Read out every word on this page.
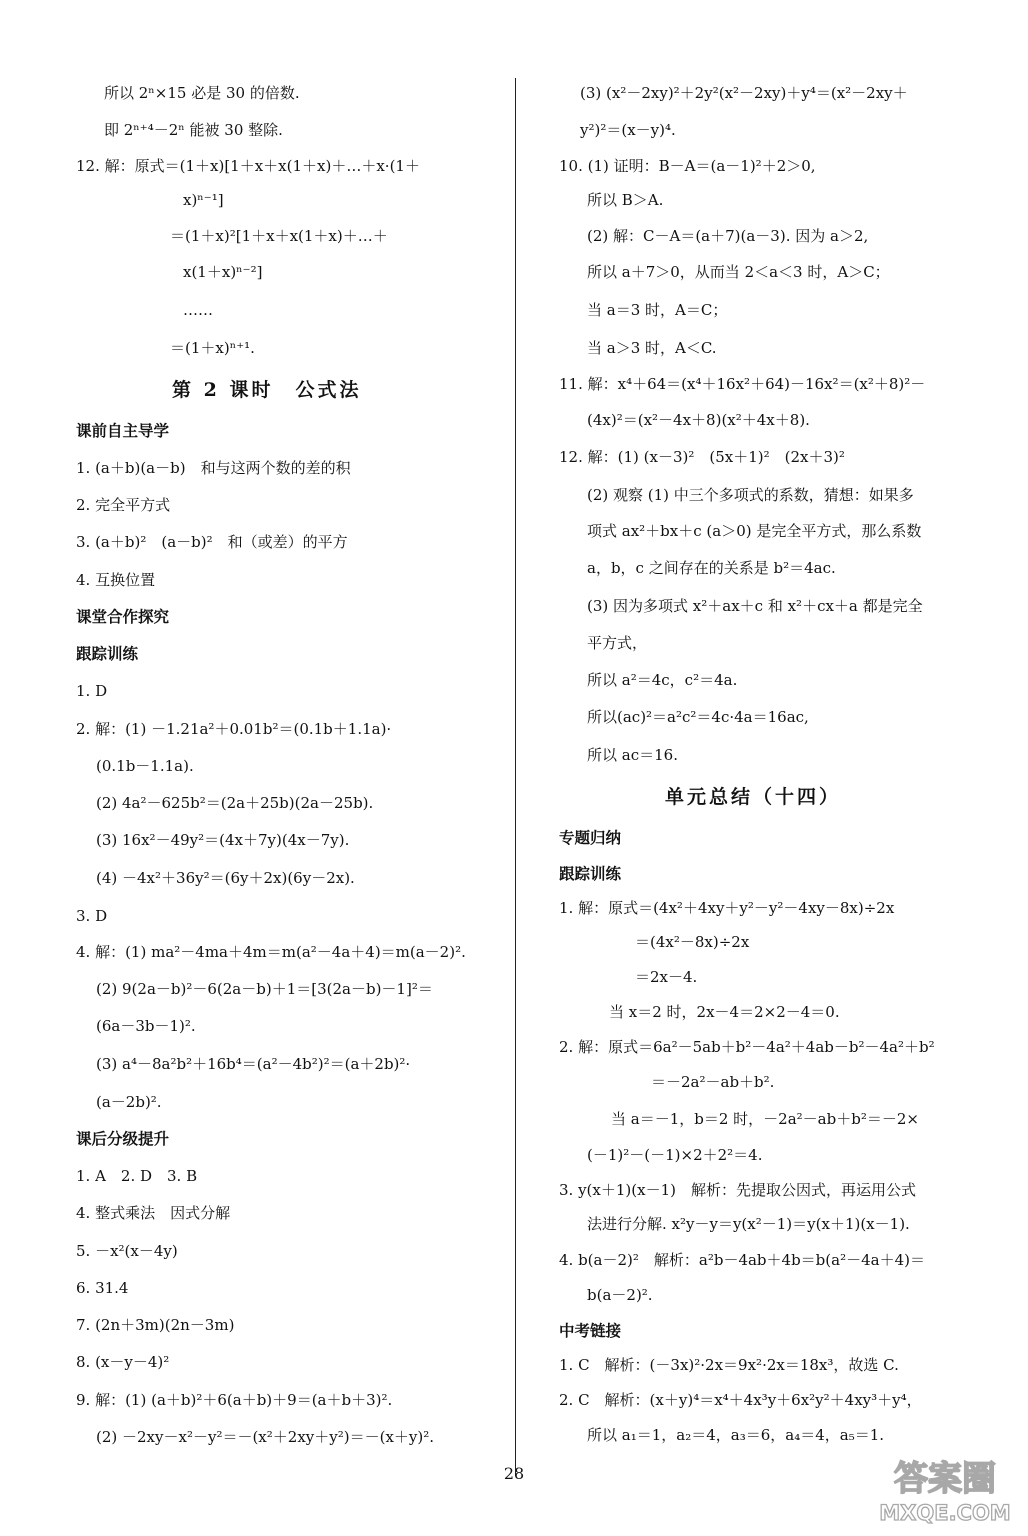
所以 2ⁿ×15 必是 30 的倍数.
即 2ⁿ⁺⁴－2ⁿ 能被 30 整除.
12. 解：原式＝(1＋x)[1＋x＋x(1＋x)＋…＋x·(1＋
x)ⁿ⁻¹]
＝(1＋x)²[1＋x＋x(1＋x)＋…＋
x(1＋x)ⁿ⁻²]
……
＝(1＋x)ⁿ⁺¹.
第 2 课时　公式法
课前自主导学
1. (a＋b)(a－b)　和与这两个数的差的积
2. 完全平方式
3. (a＋b)²　(a－b)²　和（或差）的平方
4. 互换位置
课堂合作探究
跟踪训练
1. D
2. 解：(1) －1.21a²＋0.01b²＝(0.1b＋1.1a)·
(0.1b－1.1a).
(2) 4a²－625b²＝(2a＋25b)(2a－25b).
(3) 16x²－49y²＝(4x＋7y)(4x－7y).
(4) －4x²＋36y²＝(6y＋2x)(6y－2x).
3. D
4. 解：(1) ma²－4ma＋4m＝m(a²－4a＋4)＝m(a－2)².
(2) 9(2a－b)²－6(2a－b)＋1＝[3(2a－b)－1]²＝
(6a－3b－1)².
(3) a⁴－8a²b²＋16b⁴＝(a²－4b²)²＝(a＋2b)²·
(a－2b)².
课后分级提升
1. A　2. D　3. B
4. 整式乘法　因式分解
5. －x²(x－4y)
6. 31.4
7. (2n＋3m)(2n－3m)
8. (x－y－4)²
9. 解：(1) (a＋b)²＋6(a＋b)＋9＝(a＋b＋3)².
(2) －2xy－x²－y²＝－(x²＋2xy＋y²)＝－(x＋y)².
(3) (x²－2xy)²＋2y²(x²－2xy)＋y⁴＝(x²－2xy＋
y²)²＝(x－y)⁴.
10. (1) 证明：B－A＝(a－1)²＋2＞0,
所以 B＞A.
(2) 解：C－A＝(a＋7)(a－3). 因为 a＞2,
所以 a＋7＞0，从而当 2＜a＜3 时，A＞C；
当 a＝3 时，A＝C；
当 a＞3 时，A＜C.
11. 解：x⁴＋64＝(x⁴＋16x²＋64)－16x²＝(x²＋8)²－
(4x)²＝(x²－4x＋8)(x²＋4x＋8).
12. 解：(1) (x－3)²　(5x＋1)²　(2x＋3)²
(2) 观察 (1) 中三个多项式的系数，猜想：如果多
项式 ax²＋bx＋c (a＞0) 是完全平方式，那么系数
a，b，c 之间存在的关系是 b²＝4ac.
(3) 因为多项式 x²＋ax＋c 和 x²＋cx＋a 都是完全
平方式，
所以 a²＝4c，c²＝4a.
所以(ac)²＝a²c²＝4c·4a＝16ac,
所以 ac＝16.
单元总结（十四）
专题归纳
跟踪训练
1. 解：原式＝(4x²＋4xy＋y²－y²－4xy－8x)÷2x
＝(4x²－8x)÷2x
＝2x－4.
当 x＝2 时，2x－4＝2×2－4＝0.
2. 解：原式＝6a²－5ab＋b²－4a²＋4ab－b²－4a²＋b²
＝－2a²－ab＋b².
当 a＝－1，b＝2 时，－2a²－ab＋b²＝－2×
(－1)²－(－1)×2＋2²＝4.
3. y(x＋1)(x－1)　解析：先提取公因式，再运用公式
法进行分解. x²y－y＝y(x²－1)＝y(x＋1)(x－1).
4. b(a－2)²　解析：a²b－4ab＋4b＝b(a²－4a＋4)＝
b(a－2)².
中考链接
1. C　解析：(－3x)²·2x＝9x²·2x＝18x³，故选 C.
2. C　解析：(x＋y)⁴＝x⁴＋4x³y＋6x²y²＋4xy³＋y⁴，
所以 a₁＝1，a₂＝4，a₃＝6，a₄＝4，a₅＝1.
28	答案圈
MXQE.COM
